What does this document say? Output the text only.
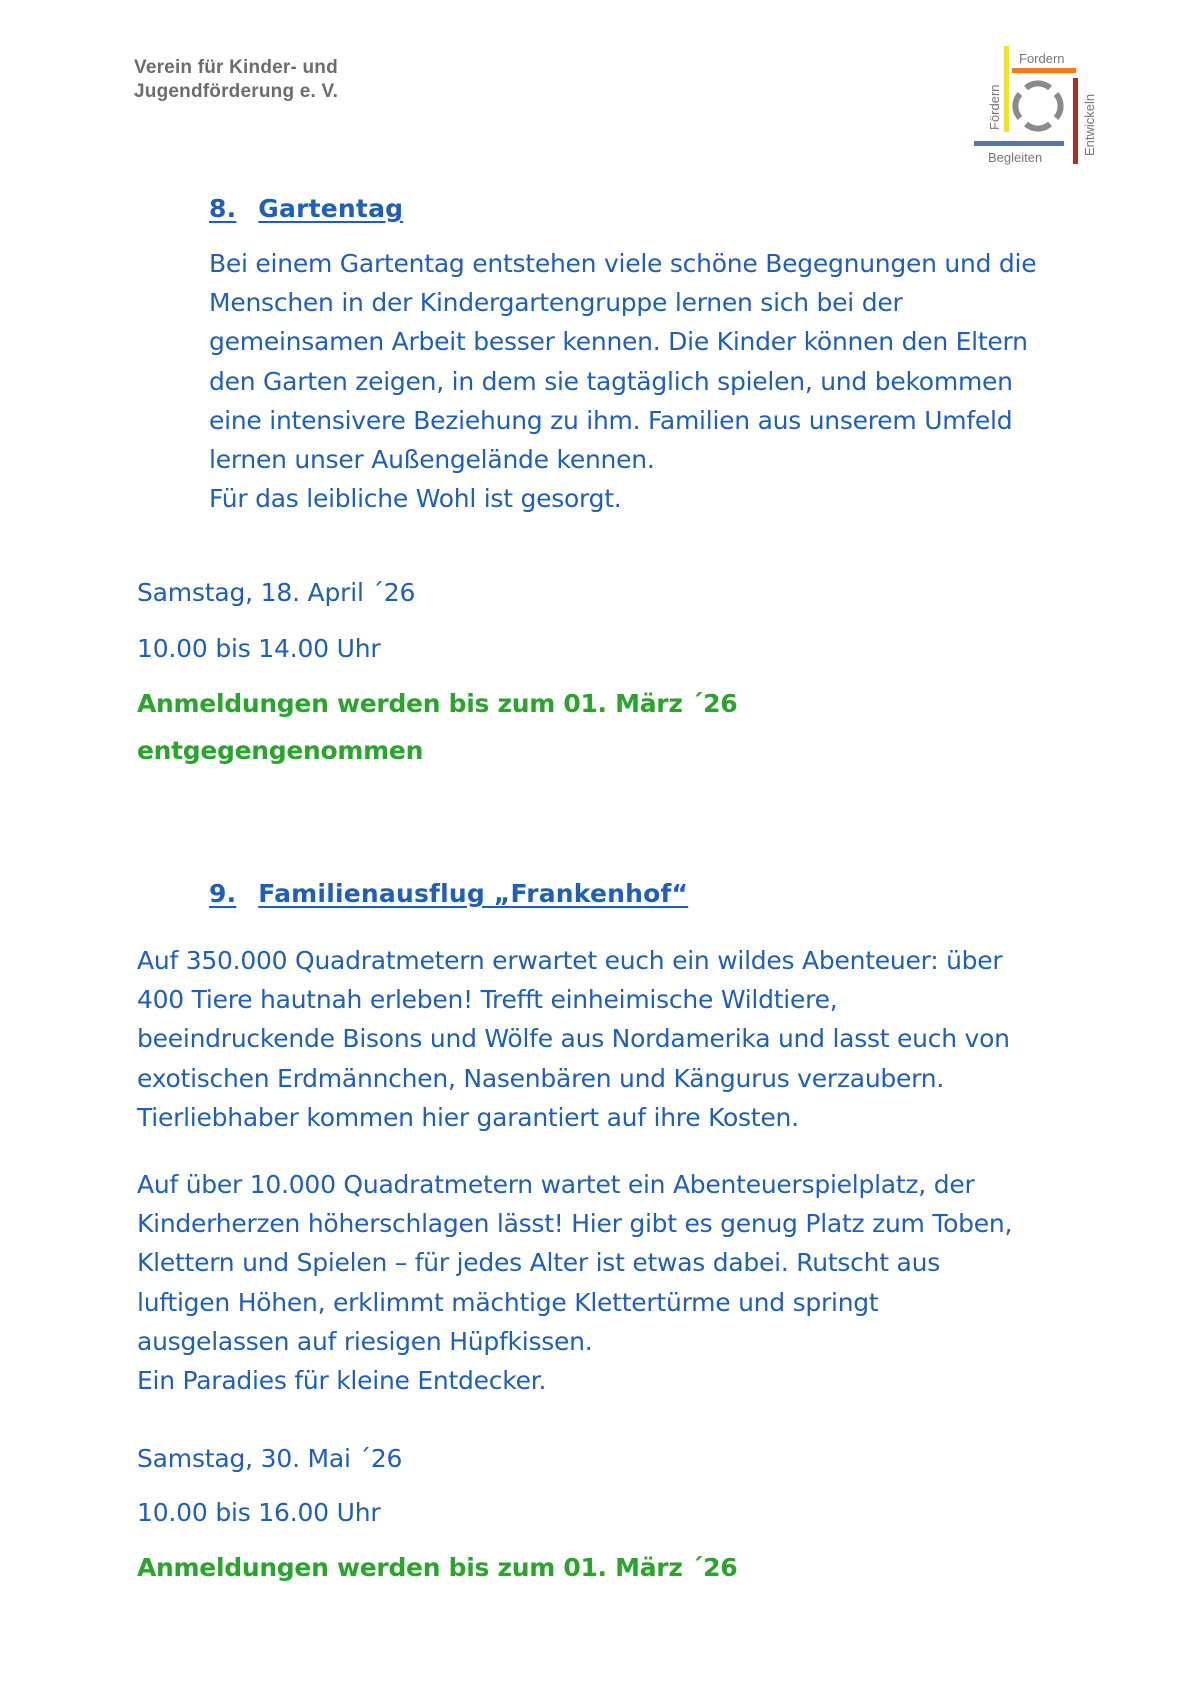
Verein für Kinder- und
Jugendförderung e. V.
Fordern
Fördern	Entwickeln
Begleiten
8. Gartentag

Bei einem Gartentag entstehen viele schöne Begegnungen und die
Menschen in der Kindergartengruppe lernen sich bei der
gemeinsamen Arbeit besser kennen. Die Kinder können den Eltern
den Garten zeigen, in dem sie tagtäglich spielen, und bekommen
eine intensivere Beziehung zu ihm. Familien aus unserem Umfeld
lernen unser Außengelände kennen.
Für das leibliche Wohl ist gesorgt.

Samstag, 18. April ´26
10.00 bis 14.00 Uhr
Anmeldungen werden bis zum 01. März ´26
entgegengenommen
9. Familienausflug „Frankenhof“

Auf 350.000 Quadratmetern erwartet euch ein wildes Abenteuer: über
400 Tiere hautnah erleben! Trefft einheimische Wildtiere,
beeindruckende Bisons und Wölfe aus Nordamerika und lasst euch von
exotischen Erdmännchen, Nasenbären und Kängurus verzaubern.
Tierliebhaber kommen hier garantiert auf ihre Kosten.

Auf über 10.000 Quadratmetern wartet ein Abenteuerspielplatz, der
Kinderherzen höherschlagen lässt! Hier gibt es genug Platz zum Toben,
Klettern und Spielen – für jedes Alter ist etwas dabei. Rutscht aus
luftigen Höhen, erklimmt mächtige Klettertürme und springt
ausgelassen auf riesigen Hüpfkissen.
Ein Paradies für kleine Entdecker.

Samstag, 30. Mai ´26
10.00 bis 16.00 Uhr
Anmeldungen werden bis zum 01. März ´26
